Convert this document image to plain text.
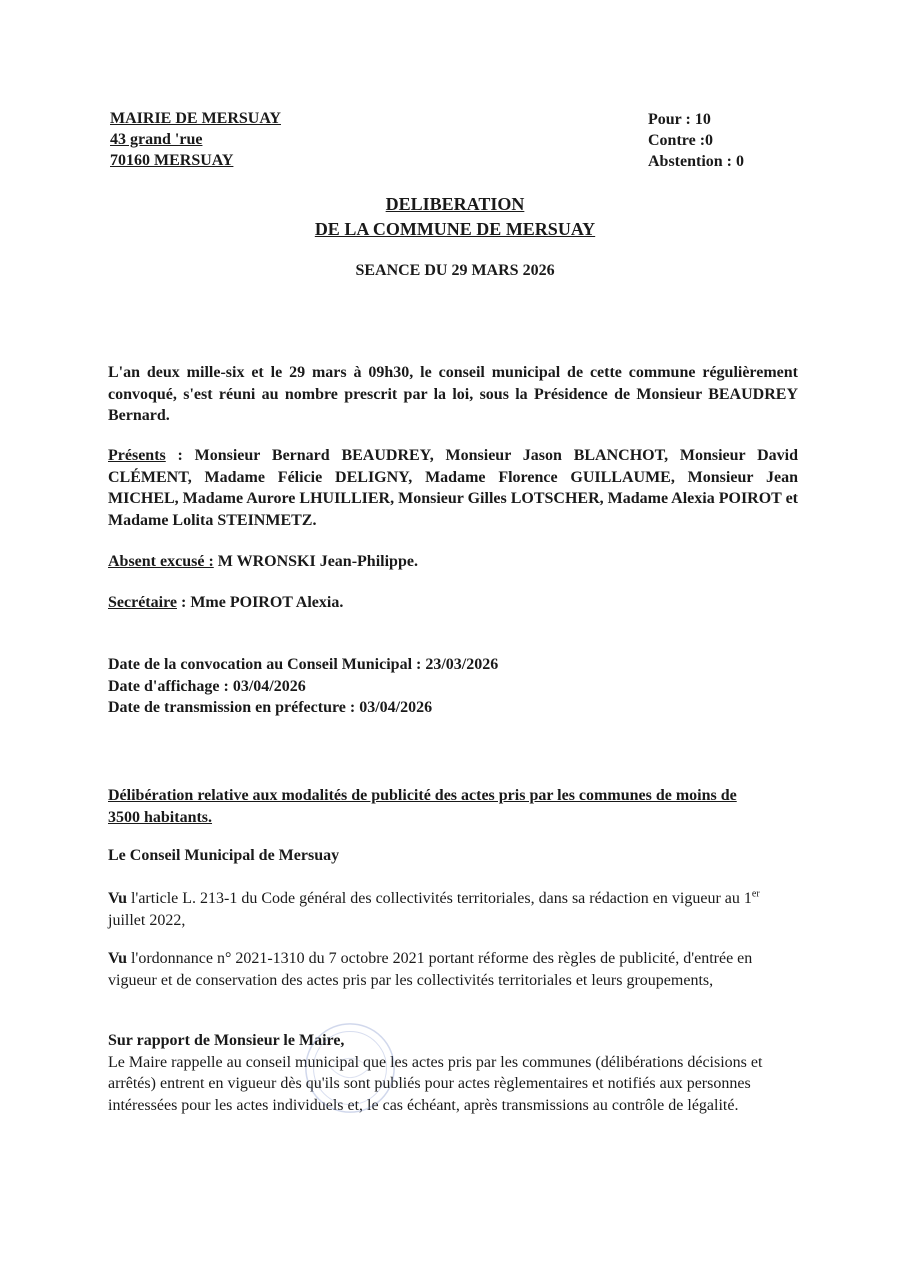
MAIRIE DE MERSUAY
43 grand 'rue
70160 MERSUAY
Pour : 10
Contre :0
Abstention : 0
DELIBERATION
DE LA COMMUNE DE MERSUAY
SEANCE DU 29 MARS 2026
L'an deux mille-six et le 29 mars à 09h30, le conseil municipal de cette commune régulièrement convoqué, s'est réuni au nombre prescrit par la loi, sous la Présidence de Monsieur BEAUDREY Bernard.
Présents : Monsieur Bernard BEAUDREY, Monsieur Jason BLANCHOT, Monsieur David CLÉMENT, Madame Félicie DELIGNY, Madame Florence GUILLAUME, Monsieur Jean MICHEL, Madame Aurore LHUILLIER, Monsieur Gilles LOTSCHER, Madame Alexia POIROT et Madame Lolita STEINMETZ.
Absent excusé : M WRONSKI Jean-Philippe.
Secrétaire : Mme POIROT Alexia.
Date de la convocation au Conseil Municipal : 23/03/2026
Date d'affichage : 03/04/2026
Date de transmission en préfecture : 03/04/2026
Délibération relative aux modalités de publicité des actes pris par les communes de moins de 3500 habitants.
Le Conseil Municipal de Mersuay
Vu l'article L. 213-1 du Code général des collectivités territoriales, dans sa rédaction en vigueur au 1er juillet 2022,
Vu l'ordonnance n° 2021-1310 du 7 octobre 2021 portant réforme des règles de publicité, d'entrée en vigueur et de conservation des actes pris par les collectivités territoriales et leurs groupements,
Sur rapport de Monsieur le Maire,
Le Maire rappelle au conseil municipal que les actes pris par les communes (délibérations décisions et arrêtés) entrent en vigueur dès qu'ils sont publiés pour actes règlementaires et notifiés aux personnes intéressées pour les actes individuels et, le cas échéant, après transmissions au contrôle de légalité.
